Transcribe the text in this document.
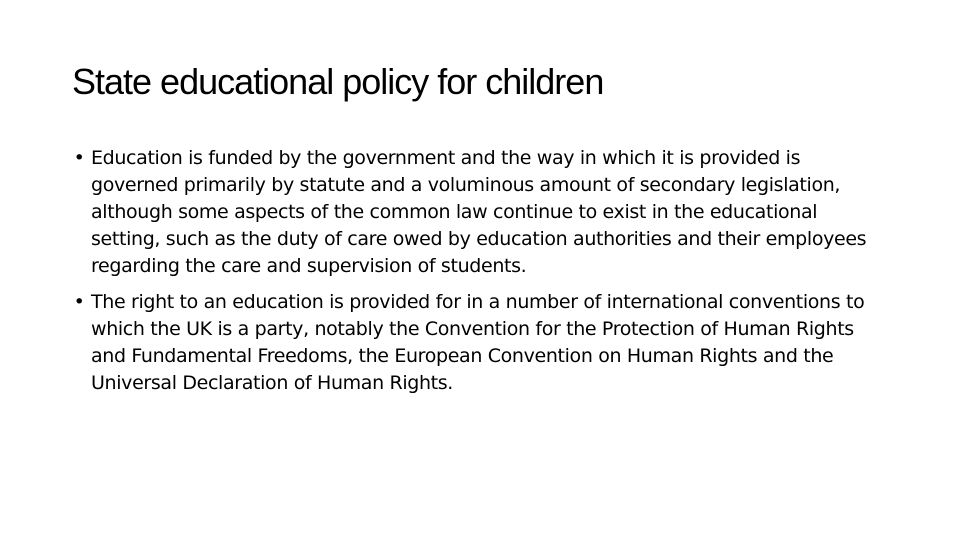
State educational policy for children
• Education is funded by the government and the way in which it is provided is governed primarily by statute and a voluminous amount of secondary legislation, although some aspects of the common law continue to exist in the educational setting, such as the duty of care owed by education authorities and their employees regarding the care and supervision of students.
• The right to an education is provided for in a number of international conventions to which the UK is a party, notably the Convention for the Protection of Human Rights and Fundamental Freedoms, the European Convention on Human Rights and the Universal Declaration of Human Rights.
